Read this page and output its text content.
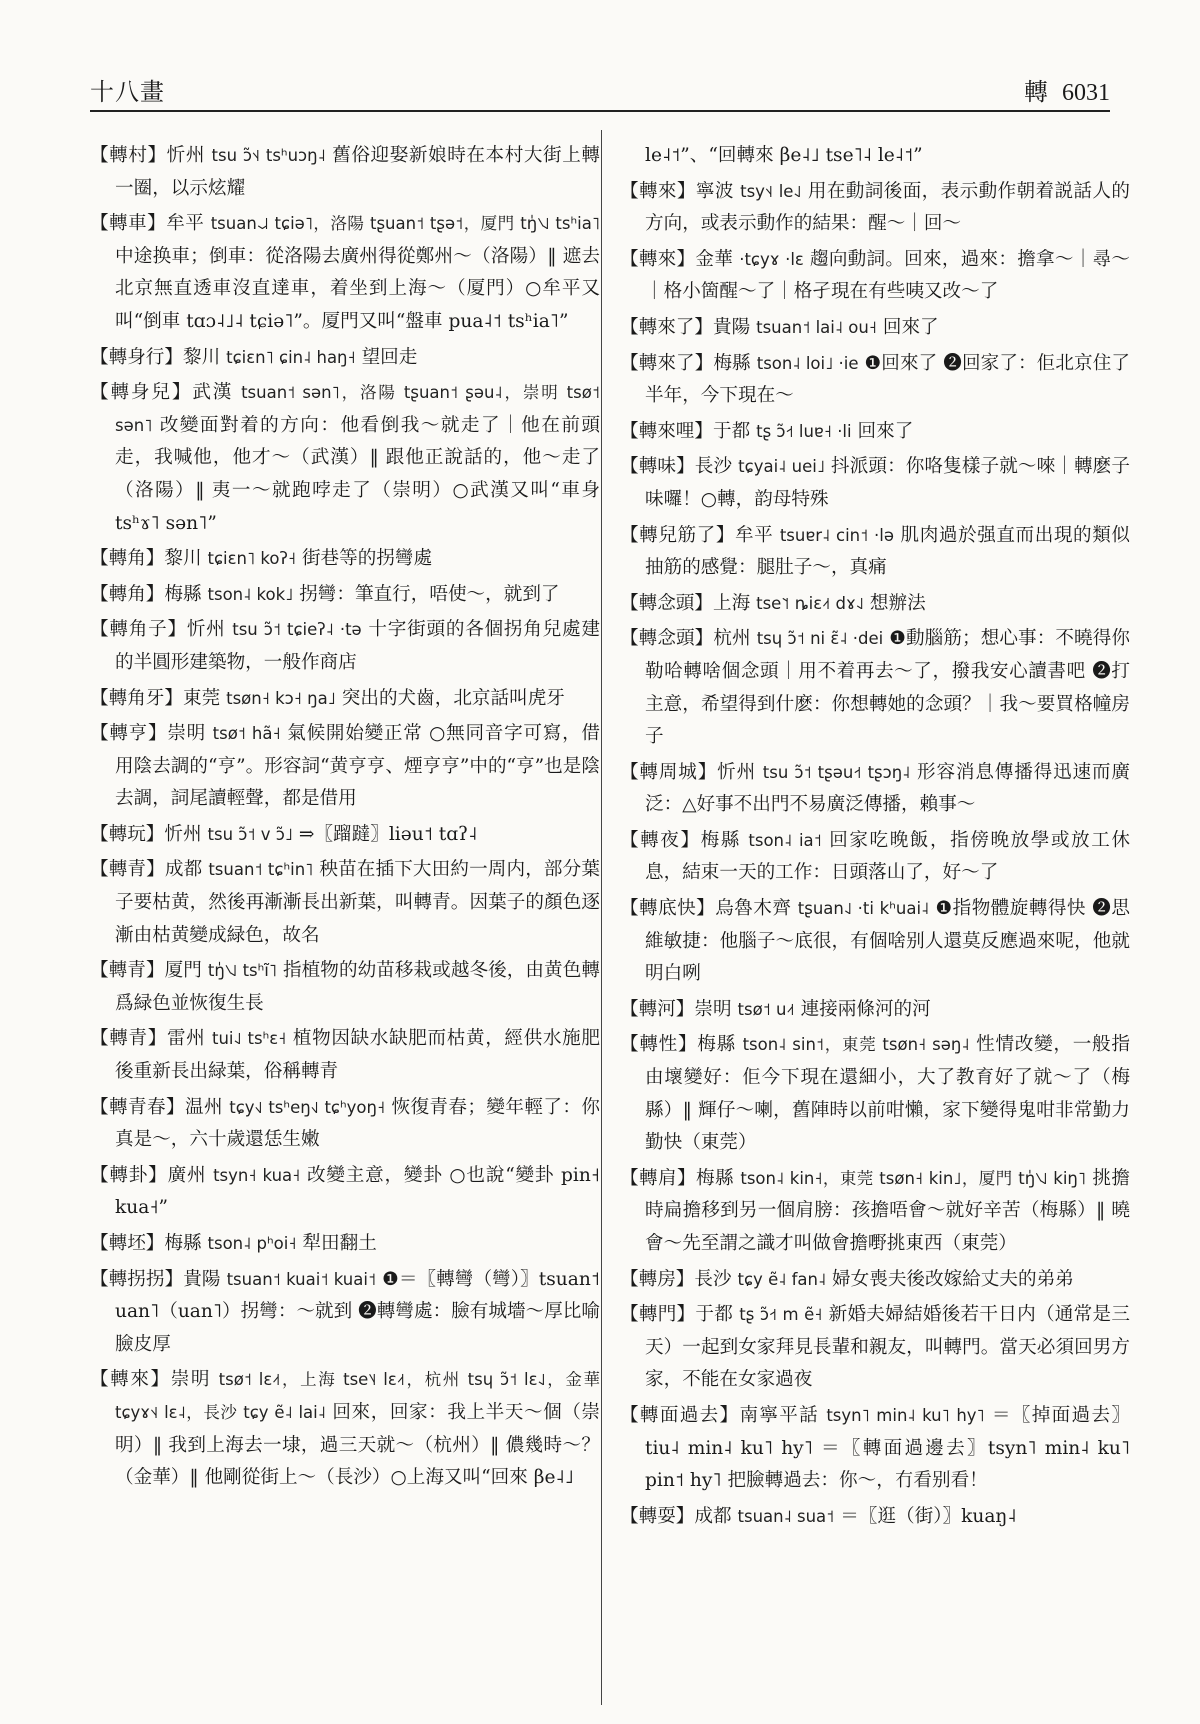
十八畫	轉 6031

【轉村】忻州 tsu ɔ̃˦˨ tsʰuɔŋ˨ 舊俗迎娶新娘時在本村大街上轉一圈，以示炫耀

【轉車】牟平 tsuan˨˩˨ tɕiə˥，洛陽 tʂuan˦ tʂə˦，厦門 tŋ̍˥˨˩ tsʰia˥ 中途换車；倒車：從洛陽去廣州得從鄭州～（洛陽）‖ 遮去北京無直透車沒直達車，着坐到上海～（厦門）○牟平又叫“倒車 tɑɔ˨˩˨ tɕiə˥”。厦門又叫“盤車 pua˨˦ tsʰia˥”

【轉身行】黎川 tɕiɛn˥ ɕin˨ haŋ˧ 望回走

【轉身兒】武漢 tsuan˦ sən˥，洛陽 tʂuan˦ ʂəu˨，崇明 tsø˦ sən˥ 改變面對着的方向：他看倒我～就走了｜他在前頭走，我喊他，他才～（武漢）‖ 跟他正說話的，他～走了（洛陽）‖ 夷一～就跑哱走了（崇明）○武漢又叫“車身 tsʰɤ˥ sən˥”

【轉角】黎川 tɕiɛn˥ koʔ˧ 街巷等的拐彎處

【轉角】梅縣 tson˨ kok˩ 拐彎：筆直行，唔使～，就到了

【轉角子】忻州 tsu ɔ̃˦ tɕieʔ˨ ·tə 十字街頭的各個拐角兒處建的半圓形建築物，一般作商店

【轉角牙】東莞 tsøn˧ kɔ˧ ŋa˩ 突出的犬齒，北京話叫虎牙

【轉亨】崇明 tsø˦ hã˧ 氣候開始變正常 ○無同音字可寫，借用陰去調的“亨”。形容詞“黄亨亨、煙亨亨”中的“亨”也是陰去調，詞尾讀輕聲，都是借用

【轉玩】忻州 tsu ɔ̃˦ v ɔ̃˩ ⇒〖蹓躂〗liəu˦ tɑʔ˨

【轉青】成都 tsuan˦ tɕʰin˥ 秧苗在插下大田約一周内，部分葉子要枯黄，然後再漸漸長出新葉，叫轉青。因葉子的顏色逐漸由枯黄變成緑色，故名

【轉青】厦門 tŋ̍˥˨˩ tsʰĩ˥ 指植物的幼苗移栽或越冬後，由黄色轉爲緑色並恢復生長

【轉青】雷州 tui˨˩ tsʰɛ˧ 植物因缺水缺肥而枯黄，經供水施肥後重新長出緑葉，俗稱轉青

【轉青春】温州 tɕy˧˩ tsʰeŋ˧˩ tɕʰyoŋ˧ 恢復青春；變年輕了：你真是～，六十歲還恁生嫩

【轉卦】廣州 tsyn˧ kua˧ 改變主意，變卦 ○也說“變卦 pin˧ kua˧”

【轉坯】梅縣 tson˨ pʰoi˧ 犁田翻土

【轉拐拐】貴陽 tsuan˦ kuai˦ kuai˦ ❶＝〖轉彎（彎）〗tsuan˦ uan˥（uan˥）拐彎：～就到 ❷轉彎處：臉有城墻～厚比喻臉皮厚

【轉來】崇明 tsø˦ lɛ˨˦，上海 tse˥˨ lɛ˨˦，杭州 tsɥ ɔ̃˦ lɛ˨˩，金華 tɕyɤ˦˨ lɛ˨，長沙 tɕy ẽ˨ lai˨ 回來，回家：我上半天～個（崇明）‖ 我到上海去一埭，過三天就～（杭州）‖ 儂幾時～？（金華）‖ 他剛從街上～（長沙）○上海又叫“回來 βe˨˩

le˨˦”、“回轉來 βe˨˩ tse˥˨ le˨˦”

【轉來】寧波 tsy˦˨ le˨˩ 用在動詞後面，表示動作朝着説話人的方向，或表示動作的結果：醒～｜回～

【轉來】金華 ·tɕyɤ ·lɛ 趨向動詞。回來，過來：擔拿～｜尋～｜格小箇醒～了｜格孑現在有些咦又改～了

【轉來了】貴陽 tsuan˦ lai˨ ou˧ 回來了

【轉來了】梅縣 tson˨ loi˩ ·ie ❶回來了 ❷回家了：佢北京住了半年，今下現在～

【轉來哩】于都 tʂ ɔ̃˧˦ luɐ˧ ·li 回來了

【轉味】長沙 tɕyai˨ uei˩ 抖派頭：你咯隻樣子就～唻｜轉麽子味囉！○轉，韵母特殊

【轉兒筋了】牟平 tsuɐr˨ cin˦ ·lə 肌肉過於强直而出現的類似抽筋的感覺：腿肚子～，真痛

【轉念頭】上海 tse˥˦ ȵiɛ˨˦ dɤ˨˩ 想辦法

【轉念頭】杭州 tsɥ ɔ̃˦ ni ɛ̃˨ ·dei ❶動腦筋；想心事：不曉得你勒哈轉啥個念頭｜用不着再去～了，撥我安心讀書吧 ❷打主意，希望得到什麽：你想轉她的念頭？｜我～要買格幢房子

【轉周城】忻州 tsu ɔ̃˦ tʂəu˧˦ tʂɔŋ˨ 形容消息傳播得迅速而廣泛：△好事不出門不易廣泛傳播，賴事～

【轉夜】梅縣 tson˨ ia˦ 回家吃晚飯，指傍晚放學或放工休息，結束一天的工作：日頭落山了，好～了

【轉底快】烏魯木齊 tʂuan˨˩ ·ti kʰuai˨ ❶指物體旋轉得快 ❷思維敏捷：他腦子～底很，有個啥别人還莫反應過來呢，他就明白咧

【轉河】崇明 tsø˦ u˨˦ 連接兩條河的河

【轉性】梅縣 tson˨ sin˦，東莞 tsøn˧ səŋ˨ 性情改變，一般指由壞變好：佢今下現在還細小，大了教育好了就～了（梅縣）‖ 輝仔～喇，舊陣時以前咁懶，家下變得鬼咁非常勤力勤快（東莞）

【轉肩】梅縣 tson˨ kin˧，東莞 tsøn˧ kin˩，厦門 tŋ̍˥˨˩ kiŋ˥ 挑擔時扁擔移到另一個肩膀：孩擔唔會～就好辛苦（梅縣）‖ 曉會～先至謂之識才叫做會擔嘢挑東西（東莞）

【轉房】長沙 tɕy ẽ˨ fan˨ 婦女喪夫後改嫁給丈夫的弟弟

【轉門】于都 tʂ ɔ̃˧˦ m ẽ˧ 新婚夫婦結婚後若干日内（通常是三天）一起到女家拜見長輩和親友，叫轉門。當天必須回男方家，不能在女家過夜

【轉面過去】南寧平話 tsyn˥ min˨ ku˥ hy˥ ＝〖掉面過去〗tiu˨ min˨ ku˥ hy˥ ＝〖轉面過邊去〗tsyn˥ min˨ ku˥ pin˦ hy˥ 把臉轉過去：你～，冇看别看！

【轉耍】成都 tsuan˨ sua˦ ＝〖逛（街）〗kuaŋ˨
